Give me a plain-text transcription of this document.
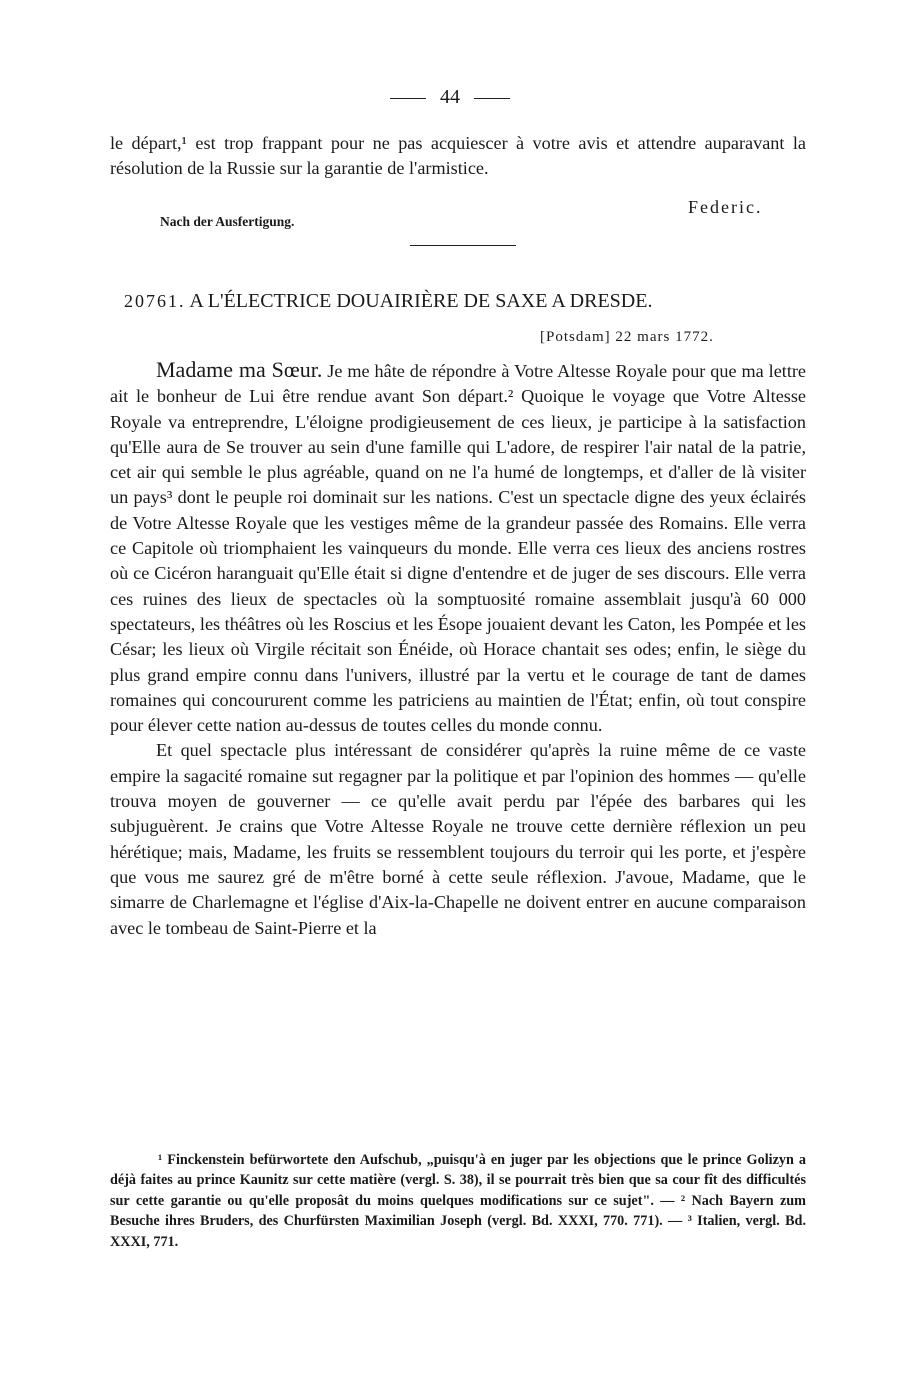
44

le départ,¹ est trop frappant pour ne pas acquiescer à votre avis et attendre auparavant la résolution de la Russie sur la garantie de l'armistice.

Federic.
Nach der Ausfertigung.
20761. A L'ÉLECTRICE DOUAIRIÈRE DE SAXE A DRESDE.
[Potsdam] 22 mars 1772.

Madame ma Sœur. Je me hâte de répondre à Votre Altesse Royale pour que ma lettre ait le bonheur de Lui être rendue avant Son départ.² Quoique le voyage que Votre Altesse Royale va entreprendre, L'éloigne prodigieusement de ces lieux, je participe à la satisfaction qu'Elle aura de Se trouver au sein d'une famille qui L'adore, de respirer l'air natal de la patrie, cet air qui semble le plus agréable, quand on ne l'a humé de longtemps, et d'aller de là visiter un pays³ dont le peuple roi dominait sur les nations. C'est un spectacle digne des yeux éclairés de Votre Altesse Royale que les vestiges même de la grandeur passée des Romains. Elle verra ce Capitole où triomphaient les vainqueurs du monde. Elle verra ces lieux des anciens rostres où ce Cicéron haranguait qu'Elle était si digne d'entendre et de juger de ses discours. Elle verra ces ruines des lieux de spectacles où la somptuosité romaine assemblait jusqu'à 60 000 spectateurs, les théâtres où les Roscius et les Ésope jouaient devant les Caton, les Pompée et les César; les lieux où Virgile récitait son Énéide, où Horace chantait ses odes; enfin, le siège du plus grand empire connu dans l'univers, illustré par la vertu et le courage de tant de dames romaines qui concoururent comme les patriciens au maintien de l'État; enfin, où tout conspire pour élever cette nation au-dessus de toutes celles du monde connu.

Et quel spectacle plus intéressant de considérer qu'après la ruine même de ce vaste empire la sagacité romaine sut regagner par la politique et par l'opinion des hommes — qu'elle trouva moyen de gouverner — ce qu'elle avait perdu par l'épée des barbares qui les subjuguèrent. Je crains que Votre Altesse Royale ne trouve cette dernière réflexion un peu hérétique; mais, Madame, les fruits se ressemblent toujours du terroir qui les porte, et j'espère que vous me saurez gré de m'être borné à cette seule réflexion. J'avoue, Madame, que le simarre de Charlemagne et l'église d'Aix-la-Chapelle ne doivent entrer en aucune comparaison avec le tombeau de Saint-Pierre et la

¹ Finckenstein befürwortete den Aufschub, „puisqu'à en juger par les objections que le prince Golizyn a déjà faites au prince Kaunitz sur cette matière (vergl. S. 38), il se pourrait très bien que sa cour fît des difficultés sur cette garantie ou qu'elle proposât du moins quelques modifications sur ce sujet". — ² Nach Bayern zum Besuche ihres Bruders, des Churfürsten Maximilian Joseph (vergl. Bd. XXXI, 770. 771). — ³ Italien, vergl. Bd. XXXI, 771.
